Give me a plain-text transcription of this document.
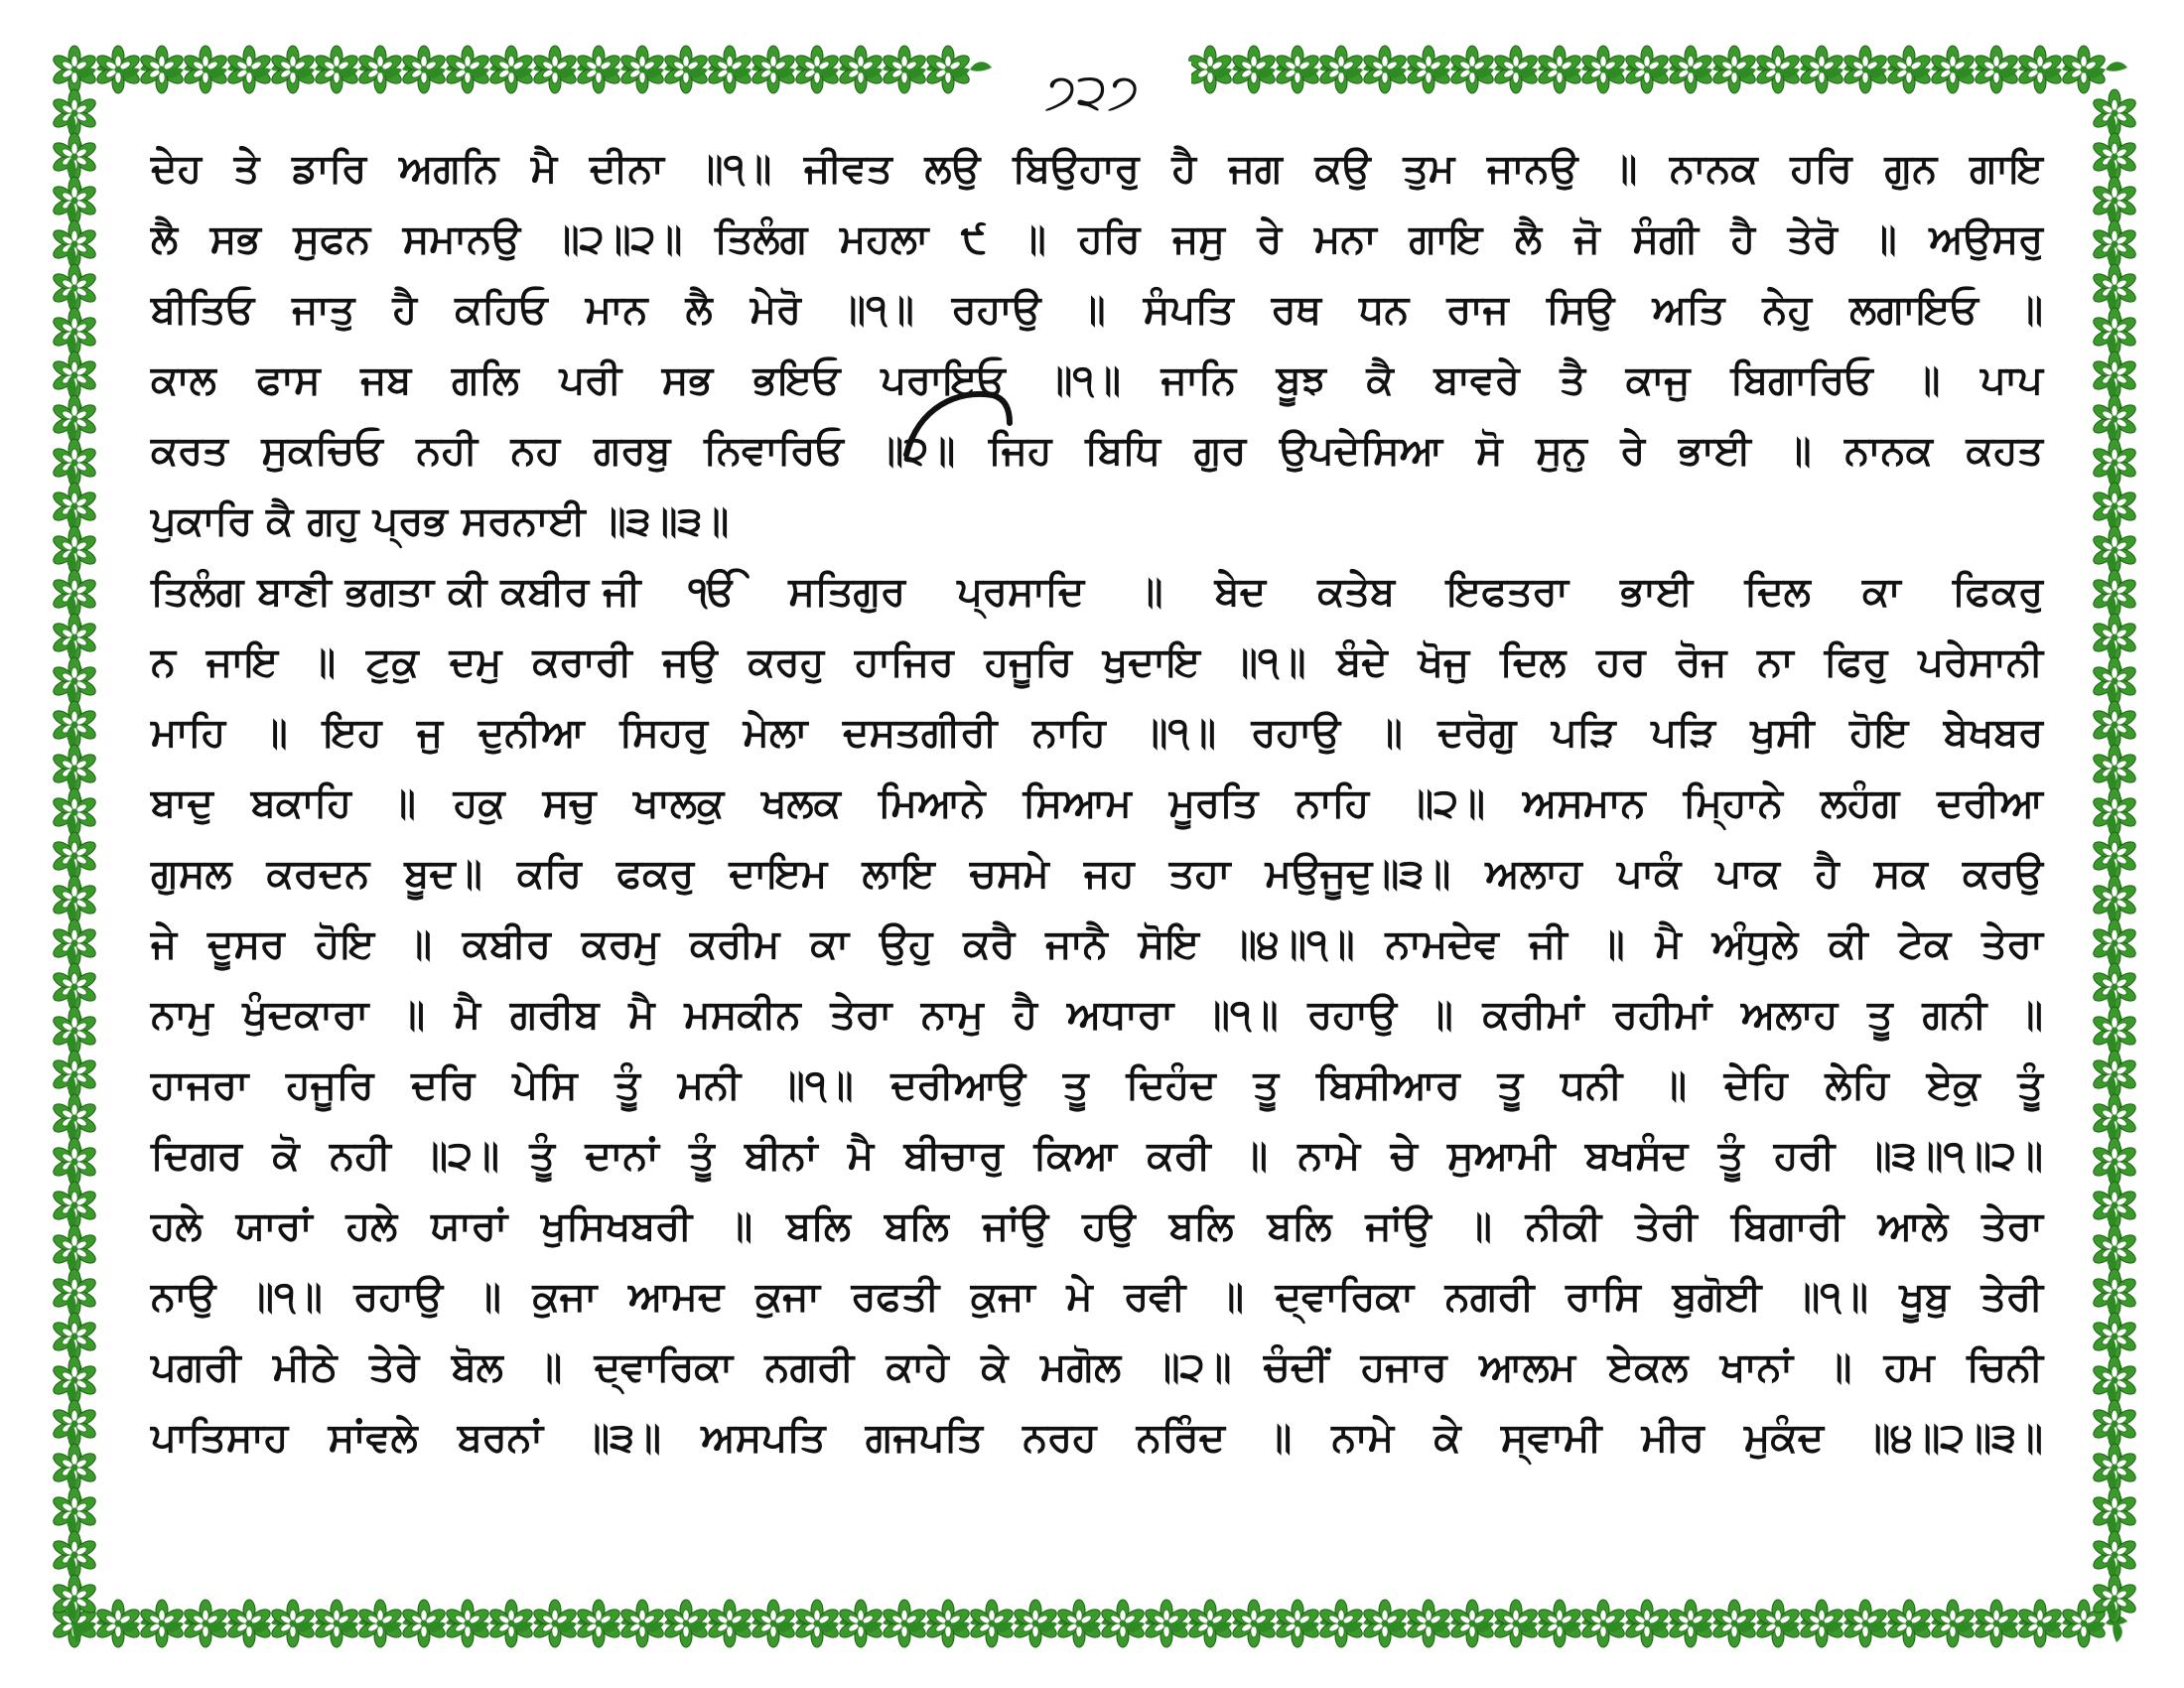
੭੨੭
ਦੇਹ ਤੇ ਡਾਰਿ ਅਗਨਿ ਮੈ ਦੀਨਾ ॥੧॥ ਜੀਵਤ ਲਉ ਬਿਉਹਾਰੁ ਹੈ ਜਗ ਕਉ ਤੁਮ ਜਾਨਉ ॥ ਨਾਨਕ ਹਰਿ ਗੁਨ ਗਾਇ
ਲੈ ਸਭ ਸੁਫਨ ਸਮਾਨਉ ॥੨॥੨॥ ਤਿਲੰਗ ਮਹਲਾ ੯ ॥ ਹਰਿ ਜਸੁ ਰੇ ਮਨਾ ਗਾਇ ਲੈ ਜੋ ਸੰਗੀ ਹੈ ਤੇਰੋ ॥ ਅਉਸਰੁ
ਬੀਤਿਓ ਜਾਤੁ ਹੈ ਕਹਿਓ ਮਾਨ ਲੈ ਮੇਰੋ ॥੧॥ ਰਹਾਉ ॥ ਸੰਪਤਿ ਰਥ ਧਨ ਰਾਜ ਸਿਉ ਅਤਿ ਨੇਹੁ ਲਗਾਇਓ ॥
ਕਾਲ ਫਾਸ ਜਬ ਗਲਿ ਪਰੀ ਸਭ ਭਇਓ ਪਰਾਇਓ ॥੧॥ ਜਾਨਿ ਬੂਝ ਕੈ ਬਾਵਰੇ ਤੈ ਕਾਜੁ ਬਿਗਾਰਿਓ ॥ ਪਾਪ
ਕਰਤ ਸੁਕਚਿਓ ਨਹੀ ਨਹ ਗਰਬੁ ਨਿਵਾਰਿਓ ॥੨॥ ਜਿਹ ਬਿਧਿ ਗੁਰ ਉਪਦੇਸਿਆ ਸੋ ਸੁਨੁ ਰੇ ਭਾਈ ॥ ਨਾਨਕ ਕਹਤ
ਪੁਕਾਰਿ ਕੈ ਗਹੁ ਪ੍ਰਭ ਸਰਨਾਈ ॥੩॥੩॥
ਤਿਲੰਗ ਬਾਣੀ ਭਗਤਾ ਕੀ ਕਬੀਰ ਜੀ ੴ ਸਤਿਗੁਰ ਪ੍ਰਸਾਦਿ ॥ ਬੇਦ ਕਤੇਬ ਇਫਤਰਾ ਭਾਈ ਦਿਲ ਕਾ ਫਿਕਰੁ
ਨ ਜਾਇ ॥ ਟੁਕੁ ਦਮੁ ਕਰਾਰੀ ਜਉ ਕਰਹੁ ਹਾਜਿਰ ਹਜੂਰਿ ਖੁਦਾਇ ॥੧॥ ਬੰਦੇ ਖੋਜੁ ਦਿਲ ਹਰ ਰੋਜ ਨਾ ਫਿਰੁ ਪਰੇਸਾਨੀ
ਮਾਹਿ ॥ ਇਹ ਜੁ ਦੁਨੀਆ ਸਿਹਰੁ ਮੇਲਾ ਦਸਤਗੀਰੀ ਨਾਹਿ ॥੧॥ ਰਹਾਉ ॥ ਦਰੋਗੁ ਪੜਿ ਪੜਿ ਖੁਸੀ ਹੋਇ ਬੇਖਬਰ
ਬਾਦੁ ਬਕਾਹਿ ॥ ਹਕੁ ਸਚੁ ਖਾਲਕੁ ਖਲਕ ਮਿਆਨੇ ਸਿਆਮ ਮੂਰਤਿ ਨਾਹਿ ॥੨॥ ਅਸਮਾਨ ਮ੍ਹਿਾਨੇ ਲਹੰਗ ਦਰੀਆ
ਗੁਸਲ ਕਰਦਨ ਬੂਦ॥ ਕਰਿ ਫਕਰੁ ਦਾਇਮ ਲਾਇ ਚਸਮੇ ਜਹ ਤਹਾ ਮਉਜੂਦੁ॥੩॥ ਅਲਾਹ ਪਾਕੰ ਪਾਕ ਹੈ ਸਕ ਕਰਉ
ਜੇ ਦੂਸਰ ਹੋਇ ॥ ਕਬੀਰ ਕਰਮੁ ਕਰੀਮ ਕਾ ਉਹੁ ਕਰੈ ਜਾਨੈ ਸੋਇ ॥੪॥੧॥ ਨਾਮਦੇਵ ਜੀ ॥ ਮੈ ਅੰਧੁਲੇ ਕੀ ਟੇਕ ਤੇਰਾ
ਨਾਮੁ ਖੁੰਦਕਾਰਾ ॥ ਮੈ ਗਰੀਬ ਮੈ ਮਸਕੀਨ ਤੇਰਾ ਨਾਮੁ ਹੈ ਅਧਾਰਾ ॥੧॥ ਰਹਾਉ ॥ ਕਰੀਮਾਂ ਰਹੀਮਾਂ ਅਲਾਹ ਤੂ ਗਨੀ ॥
ਹਾਜਰਾ ਹਜੂਰਿ ਦਰਿ ਪੇਸਿ ਤੂੰ ਮਨੀ ॥੧॥ ਦਰੀਆਉ ਤੂ ਦਿਹੰਦ ਤੂ ਬਿਸੀਆਰ ਤੂ ਧਨੀ ॥ ਦੇਹਿ ਲੇਹਿ ਏਕੁ ਤੂੰ
ਦਿਗਰ ਕੋ ਨਹੀ ॥੨॥ ਤੂੰ ਦਾਨਾਂ ਤੂੰ ਬੀਨਾਂ ਮੈ ਬੀਚਾਰੁ ਕਿਆ ਕਰੀ ॥ ਨਾਮੇ ਚੇ ਸੁਆਮੀ ਬਖਸੰਦ ਤੂੰ ਹਰੀ ॥੩॥੧॥੨॥
ਹਲੇ ਯਾਰਾਂ ਹਲੇ ਯਾਰਾਂ ਖੁਸਿਖਬਰੀ ॥ ਬਲਿ ਬਲਿ ਜਾਂਉ ਹਉ ਬਲਿ ਬਲਿ ਜਾਂਉ ॥ ਨੀਕੀ ਤੇਰੀ ਬਿਗਾਰੀ ਆਲੇ ਤੇਰਾ
ਨਾਉ ॥੧॥ ਰਹਾਉ ॥ ਕੁਜਾ ਆਮਦ ਕੁਜਾ ਰਫਤੀ ਕੁਜਾ ਮੇ ਰਵੀ ॥ ਦ੍ਵਾਰਿਕਾ ਨਗਰੀ ਰਾਸਿ ਬੁਗੋਈ ॥੧॥ ਖੂਬੁ ਤੇਰੀ
ਪਗਰੀ ਮੀਠੇ ਤੇਰੇ ਬੋਲ ॥ ਦ੍ਵਾਰਿਕਾ ਨਗਰੀ ਕਾਹੇ ਕੇ ਮਗੋਲ ॥੨॥ ਚੰਦੀਂ ਹਜਾਰ ਆਲਮ ਏਕਲ ਖਾਨਾਂ ॥ ਹਮ ਚਿਨੀ
ਪਾਤਿਸਾਹ ਸਾਂਵਲੇ ਬਰਨਾਂ ॥੩॥ ਅਸਪਤਿ ਗਜਪਤਿ ਨਰਹ ਨਰਿੰਦ ॥ ਨਾਮੇ ਕੇ ਸ੍ਵਾਮੀ ਮੀਰ ਮੁਕੰਦ ॥੪॥੨॥੩॥
